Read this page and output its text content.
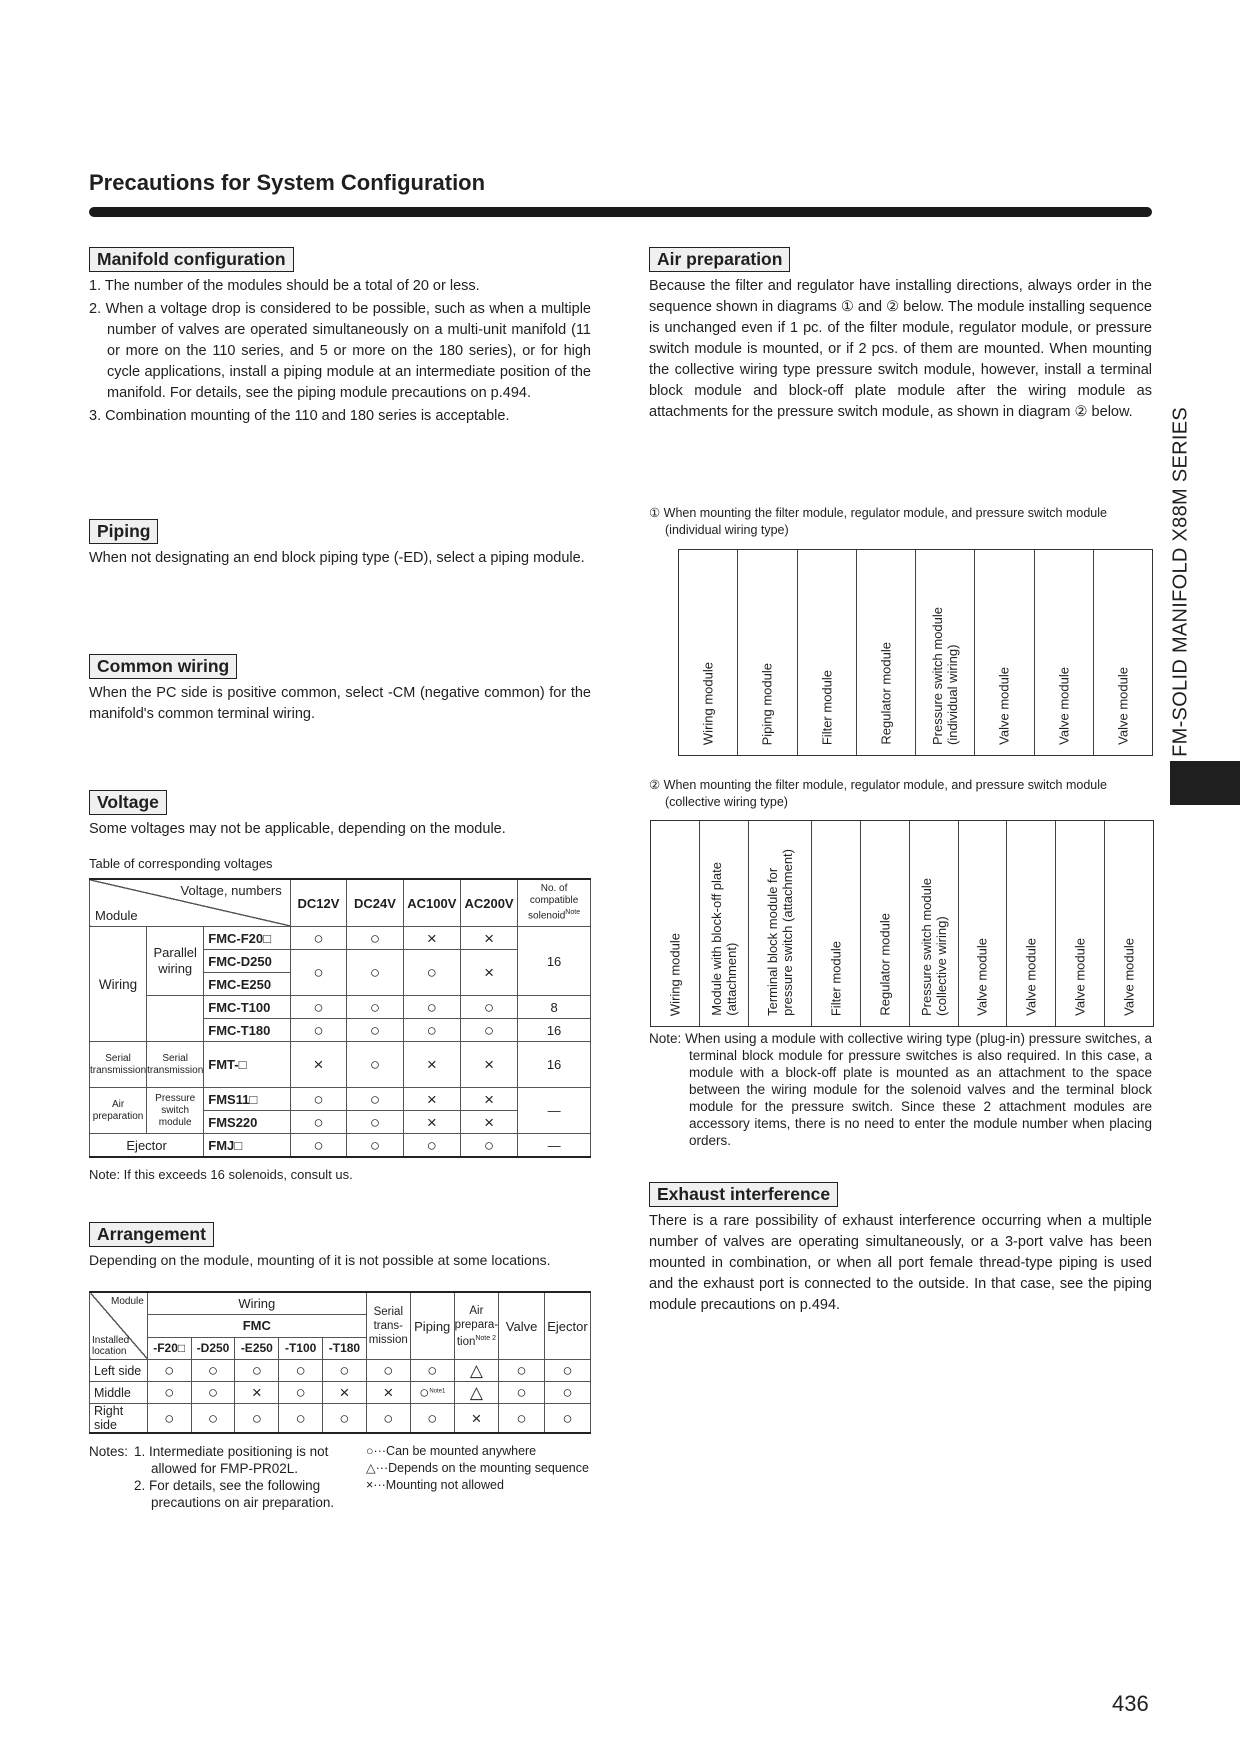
Precautions for System Configuration
FM-SOLID MANIFOLD X88M SERIES
Manifold configuration
1. The number of the modules should be a total of 20 or less.
2. When a voltage drop is considered to be possible, such as when a multiple number of valves are operated simultaneously on a multi-unit manifold (11 or more on the 110 series, and 5 or more on the 180 series), or for high cycle applications, install a piping module at an intermediate position of the manifold. For details, see the piping module precautions on p.494.
3. Combination mounting of the 110 and 180 series is acceptable.
Piping
When not designating an end block piping type (-ED), select a piping module.
Common wiring
When the PC side is positive common, select -CM (negative common) for the manifold's common terminal wiring.
Voltage
Some voltages may not be applicable, depending on the module.
Table of corresponding voltages
Voltage, numbers
Module			DC12V	DC24V	AC100V	AC200V	No. of compatible solenoid$^{Note}$
Wiring	Parallel wiring	FMC-F20□	○	○	×	×	16
		FMC-D250	○	○	○	×	
		FMC-E250					
		FMC-T100	○	○	○	○	8
		FMC-T180	○	○	○	○	16
Serial transmission	Serial transmission	FMT-□	×	○	×	×	16
Air preparation	Pressure switch module	FMS11□	○	○	×	×	—
		FMS220	○	○	×	×	
Ejector		FMJ□	○	○	○	○	—
Note: If this exceeds 16 solenoids, consult us.
Arrangement
Depending on the module, mounting of it is not possible at some locations.
Module
Installed location	Wiring					Serial trans- mission	Piping	Air prepara- tion$^{Note 2}$	Valve	Ejector
	FMC									
	-F20□	-D250	-E250	-T100	-T180					
Left side	○	○	○	○	○	○	○	△	○	○
Middle	○	○	×	○	×	×	○$^{Note1}$	△	○	○
Right side	○	○	○	○	○	○	○	×	○	○
Notes: 1. Intermediate positioning is not allowed for FMP-PR02L.
2. For details, see the following precautions on air preparation.
○···Can be mounted anywhere
△···Depends on the mounting sequence
×···Mounting not allowed
Air preparation
Because the filter and regulator have installing directions, always order in the sequence shown in diagrams ① and ② below. The module installing sequence is unchanged even if 1 pc. of the filter module, regulator module, or pressure switch module is mounted, or if 2 pcs. of them are mounted. When mounting the collective wiring type pressure switch module, however, install a terminal block module and block-off plate module after the wiring module as attachments for the pressure switch module, as shown in diagram ② below.
① When mounting the filter module, regulator module, and pressure switch module (individual wiring type)
Wiring module	Piping module	Filter module	Regulator module	Pressure switch module
(individual wiring)
Valve module	Valve module	Valve module
② When mounting the filter module, regulator module, and pressure switch module (collective wiring type)
Wiring module Module with block-off plate
(attachment) Terminal block module for
pressure switch (attachment)
Filter module	Regulator module Pressure switch module
(collective wiring)
Valve module	Valve module	Valve module	Valve module
Note: When using a module with collective wiring type (plug-in) pressure switches, a terminal block module for pressure switches is also required. In this case, a module with a block-off plate is mounted as an attachment to the space between the wiring module for the solenoid valves and the terminal block module for the pressure switch. Since these 2 attachment modules are accessory items, there is no need to enter the module number when placing orders.
Exhaust interference
There is a rare possibility of exhaust interference occurring when a multiple number of valves are operating simultaneously, or a 3-port valve has been mounted in combination, or when all port female thread-type piping is used and the exhaust port is connected to the outside. In that case, see the piping module precautions on p.494.
436
